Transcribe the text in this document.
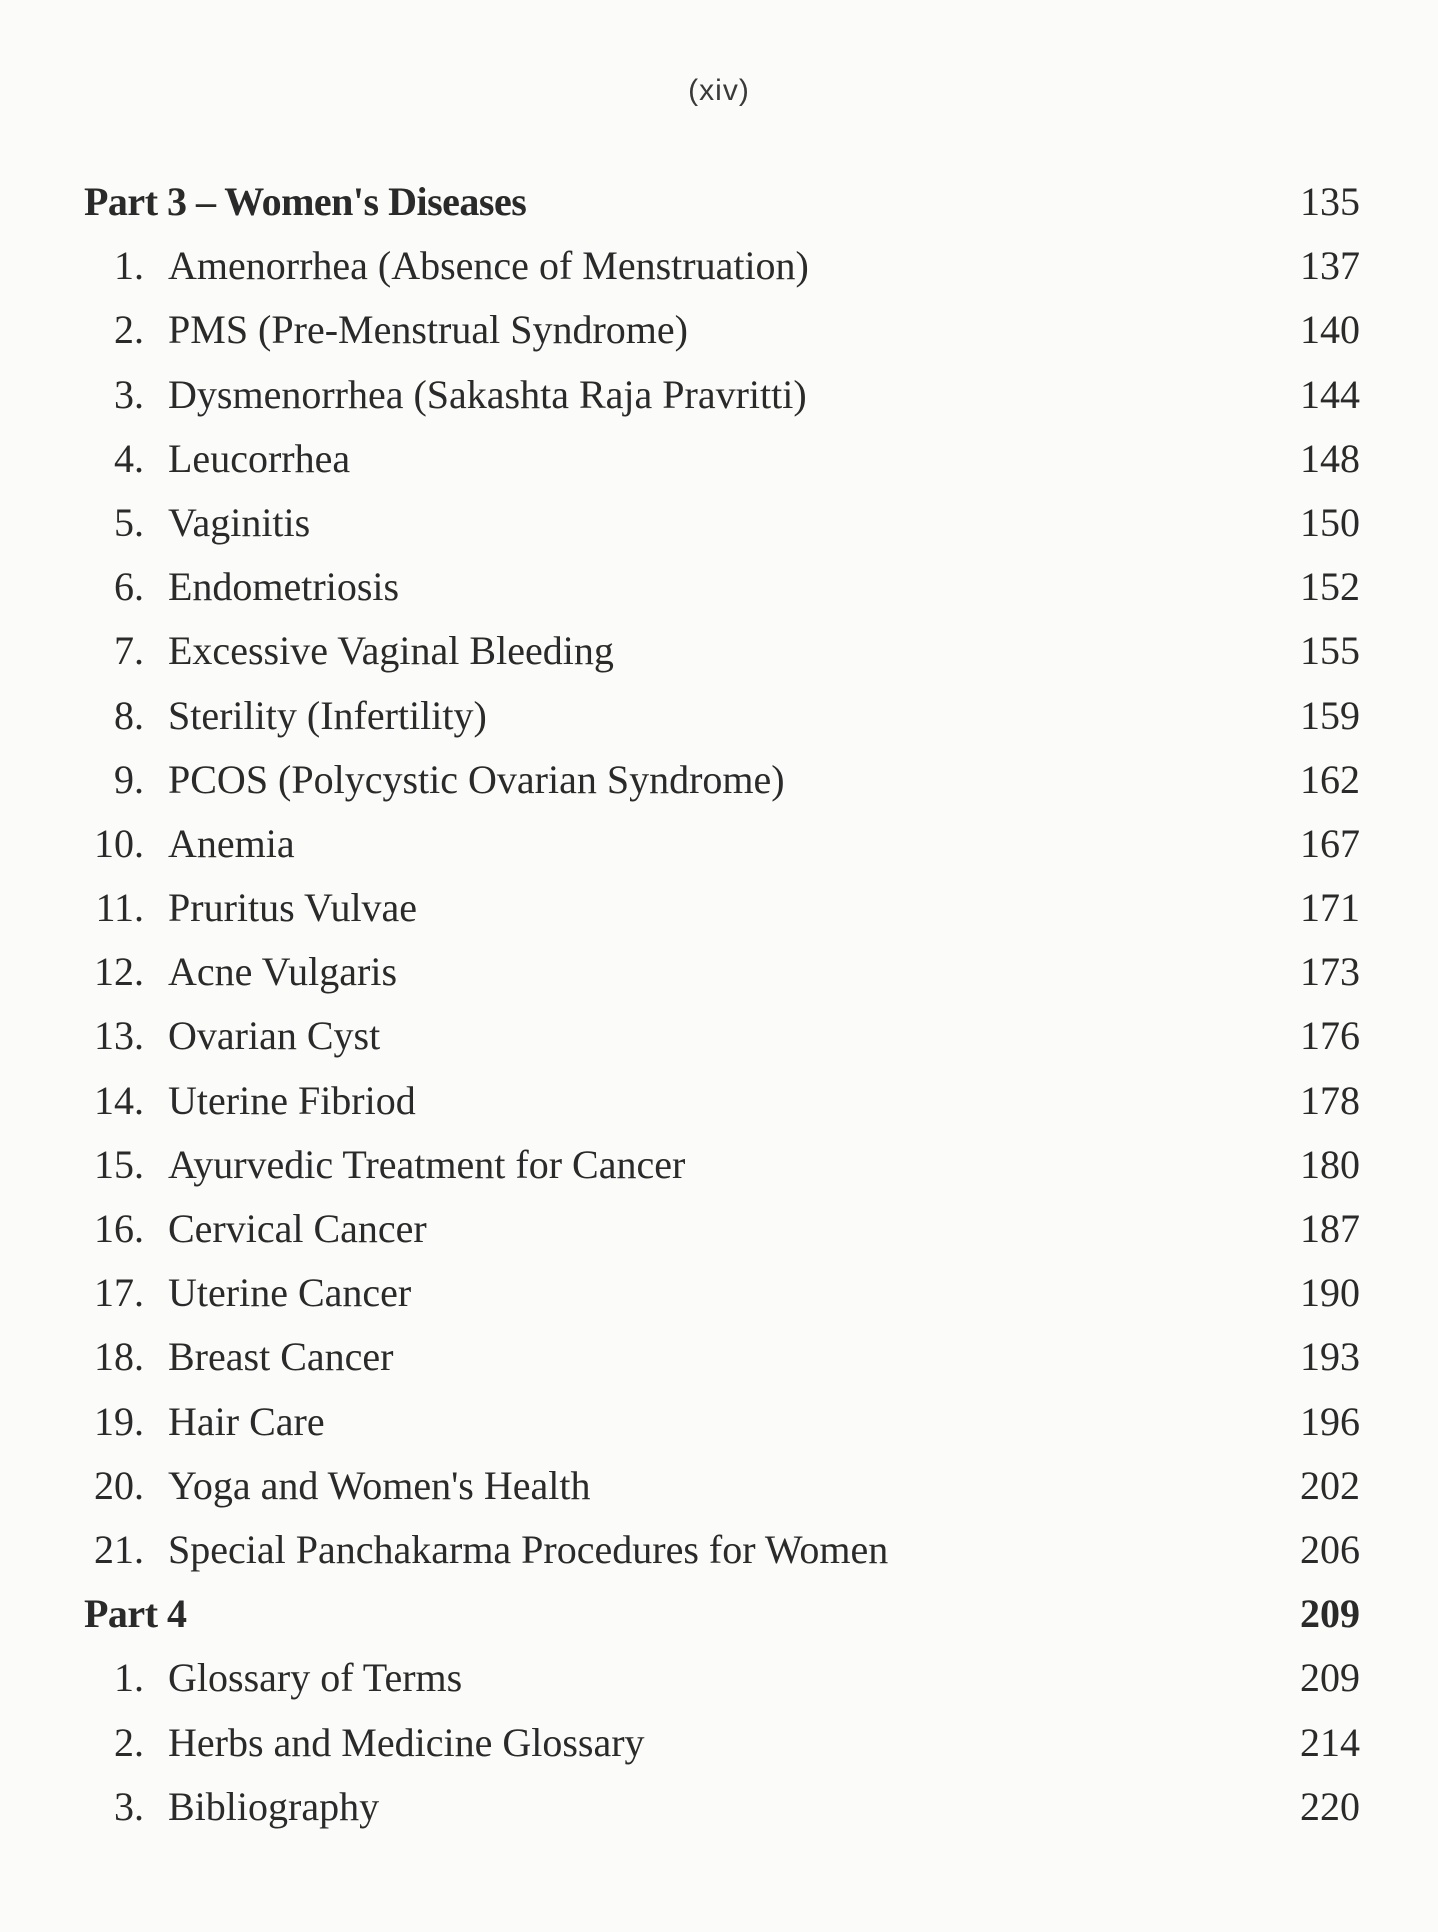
(xiv)
Part 3 – Women's Diseases	135
1. Amenorrhea (Absence of Menstruation)	137
2. PMS (Pre-Menstrual Syndrome)	140
3. Dysmenorrhea (Sakashta Raja Pravritti)	144
4. Leucorrhea	148
5. Vaginitis	150
6. Endometriosis	152
7. Excessive Vaginal Bleeding	155
8. Sterility (Infertility)	159
9. PCOS (Polycystic Ovarian Syndrome)	162
10. Anemia	167
11. Pruritus Vulvae	171
12. Acne Vulgaris	173
13. Ovarian Cyst	176
14. Uterine Fibriod	178
15. Ayurvedic Treatment for Cancer	180
16. Cervical Cancer	187
17. Uterine Cancer	190
18. Breast Cancer	193
19. Hair Care	196
20. Yoga and Women's Health	202
21. Special Panchakarma Procedures for Women	206
Part 4	209
1. Glossary of Terms	209
2. Herbs and Medicine Glossary	214
3. Bibliography	220
